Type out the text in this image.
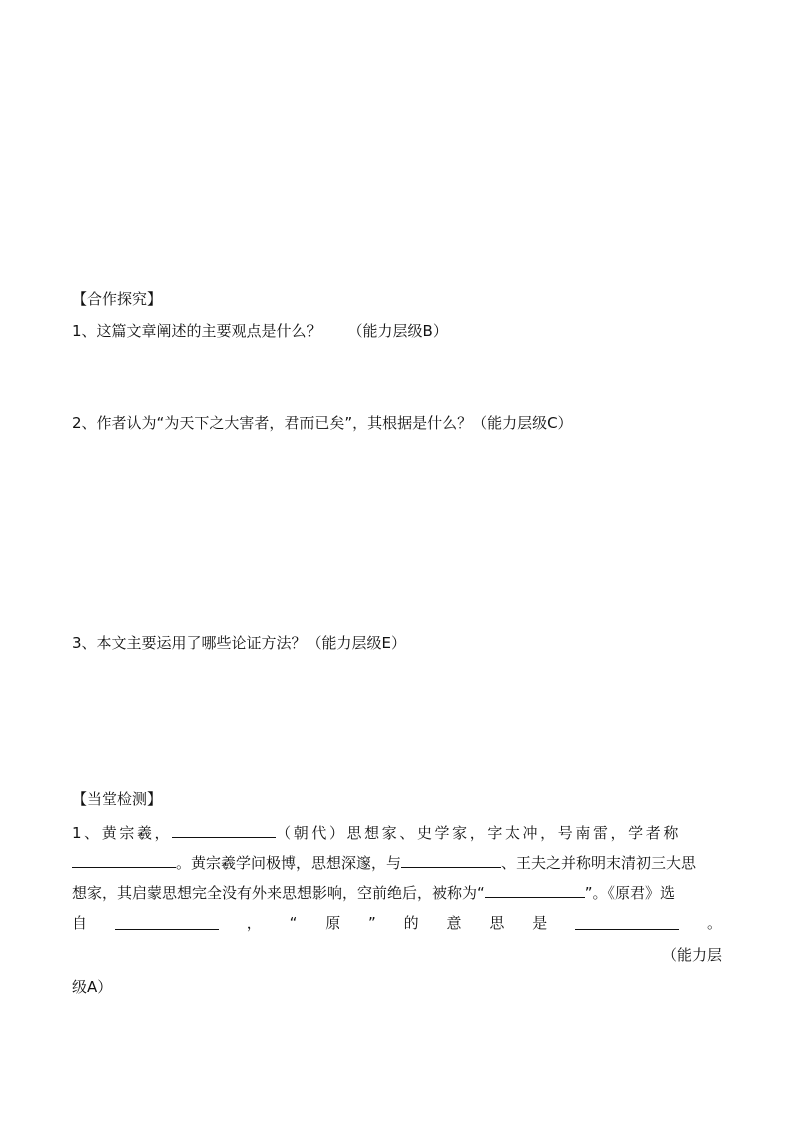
【合作探究】
1、这篇文章阐述的主要观点是什么？ （能力层级B）
2、作者认为“为天下之大害者，君而已矣”，其根据是什么？（能力层级C）
3、本文主要运用了哪些论证方法？（能力层级E）
【当堂检测】
1、黄宗羲，	（朝代）思想家、史学家，字太冲，号南雷，学者称
。黄宗羲学问极博，思想深邃，与	、王夫之并称明末清初三大思
想家，其启蒙思想完全没有外来思想影响，空前绝后，被称为“	”。《原君》选
自	， “ 原 ” 的 意 思 是	。
（能力层
级A）
